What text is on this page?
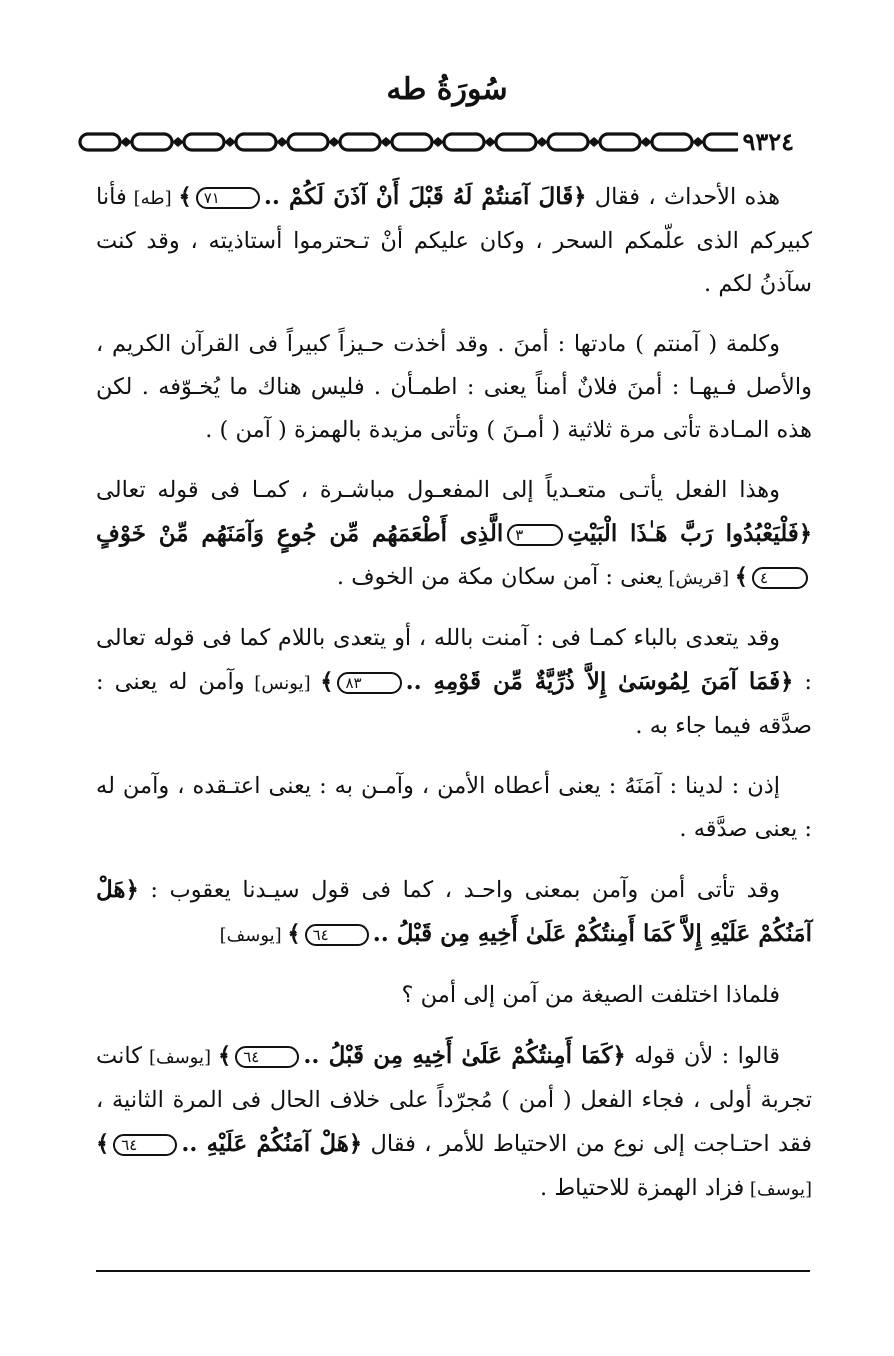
سُورَةُ طه
٩٣٢٤

هذه الأحداث ، فقال ﴿قَالَ آمَنتُمْ لَهُ قَبْلَ أَنْ آذَنَ لَكُمْ ..٧١﴾ [طه] فأنا كبيركم الذى علّمكم السحر ، وكان عليكم أنْ تـحترموا أستاذيته ، وقد كنت سآذنُ لكم .

وكلمة ( آمنتم ) مادتها : أمنَ . وقد أخذت حـيزاً كبيراً فى القرآن الكريم ، والأصل فـيهـا : أمنَ فلانٌ أمناً يعنى : اطمـأن . فليس هناك ما يُخـوّفه . لكن هذه المـادة تأتى مرة ثلاثية ( أمـنَ ) وتأتى مزيدة بالهمزة ( آمن ) .

وهذا الفعل يأتـى متعـدياً إلى المفعـول مباشـرة ، كمـا فى قوله تعالى ﴿فَلْيَعْبُدُوا رَبَّ هَـٰذَا الْبَيْتِ٣الَّذِى أَطْعَمَهُم مِّن جُوعٍ وَآمَنَهُم مِّنْ خَوْفٍ٤﴾ [قريش] يعنى : آمن سكان مكة من الخوف .

وقد يتعدى بالباء كمـا فى : آمنت بالله ، أو يتعدى باللام كما فى قوله تعالى : ﴿فَمَا آمَنَ لِمُوسَىٰ إِلاَّ ذُرِّيَّةٌ مِّن قَوْمِهِ ..٨٣﴾ [يونس] وآمن له يعنى : صدَّقه فيما جاء به .

إذن : لدينا : آمَنَهُ : يعنى أعطاه الأمن ، وآمـن به : يعنى اعتـقده ، وآمن له : يعنى صدَّقه .

وقد تأتى أمن وآمن بمعنى واحـد ، كما فى قول سيـدنا يعقوب : ﴿هَلْ آمَنُكُمْ عَلَيْهِ إِلاَّ كَمَا أَمِنتُكُمْ عَلَىٰ أَخِيهِ مِن قَبْلُ ..٦٤﴾ [يوسف]

فلماذا اختلفت الصيغة من آمن إلى أمن ؟

قالوا : لأن قوله ﴿كَمَا أَمِنتُكُمْ عَلَىٰ أَخِيهِ مِن قَبْلُ ..٦٤﴾ [يوسف] كانت تجربة أولى ، فجاء الفعل ( أمن ) مُجرّداً على خلاف الحال فى المرة الثانية ، فقد احتـاجت إلى نوع من الاحتياط للأمر ، فقال ﴿هَلْ آمَنُكُمْ عَلَيْهِ ..٦٤﴾ [يوسف] فزاد الهمزة للاحتياط .
